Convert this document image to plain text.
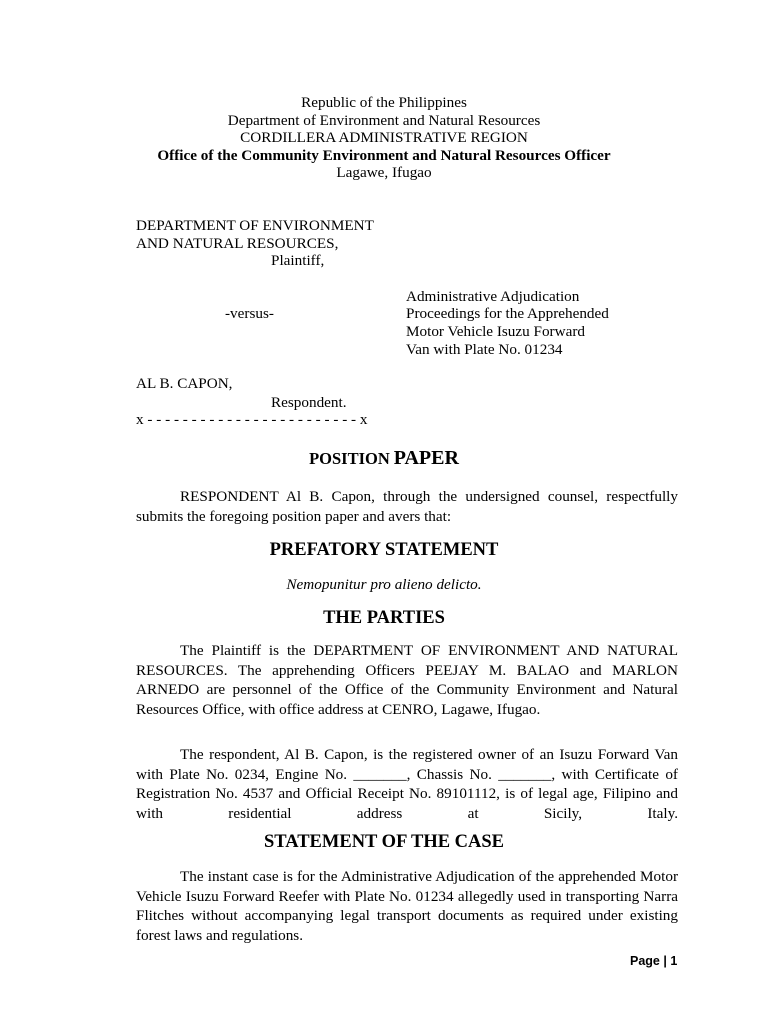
Republic of the Philippines
Department of Environment and Natural Resources
CORDILLERA ADMINISTRATIVE REGION
Office of the Community Environment and Natural Resources Officer
Lagawe, Ifugao
DEPARTMENT OF ENVIRONMENT
AND NATURAL RESOURCES,
Plaintiff,
Administrative Adjudication
-versus-	Proceedings for the Apprehended
Motor Vehicle Isuzu Forward
Van with Plate No. 01234
AL B. CAPON,
Respondent.
x - - - - - - - - - - - - - - - - - - - - - - - - x
POSITION PAPER

RESPONDENT Al B. Capon, through the undersigned counsel, respectfully submits the foregoing position paper and avers that:

PREFATORY STATEMENT
Nemopunitur pro alieno delicto.
THE PARTIES

The Plaintiff is the DEPARTMENT OF ENVIRONMENT AND NATURAL RESOURCES. The apprehending Officers PEEJAY M. BALAO and MARLON ARNEDO are personnel of the Office of the Community Environment and Natural Resources Office, with office address at CENRO, Lagawe, Ifugao.

The respondent, Al B. Capon, is the registered owner of an Isuzu Forward Van with Plate No. 0234, Engine No. _______, Chassis No. _______, with Certificate of Registration No. 4537 and Official Receipt No. 89101112, is of legal age, Filipino and with residential address at Sicily, Italy.

STATEMENT OF THE CASE

The instant case is for the Administrative Adjudication of the apprehended Motor Vehicle Isuzu Forward Reefer with Plate No. 01234 allegedly used in transporting Narra Flitches without accompanying legal transport documents as required under existing forest laws and regulations.

Page | 1
